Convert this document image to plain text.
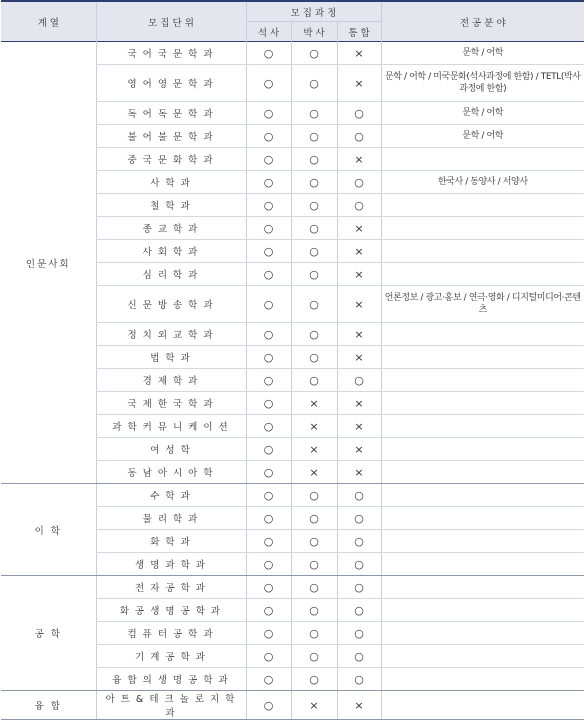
계 열	모 집 단 위	모 집 과 정			전 공 분 야
		석 사	박 사	통 합	
인문사회	국어국문학과	○	○	×	문학 / 어학
	영어영문학과	○	○	×	문학 / 어학 / 미국문화(석사과정에 한함) / TETL(박사과정에 한함)
	독어독문학과	○	○	○	문학 / 어학
	불어불문학과	○	○	○	문학 / 어학
	중국문화학과	○	○	×	
	사학과	○	○	○	한국사 / 동양사 / 서양사
	철학과	○	○	○	
	종교학과	○	○	×	
	사회학과	○	○	×	
	심리학과	○	○	×	
	신문방송학과	○	○	×	언론정보 / 광고·홍보 / 연극·영화 / 디지털미디어·콘텐츠
	정치외교학과	○	○	×	
	법학과	○	○	×	
	경제학과	○	○	○	
	국제한국학과	○	×	×	
	과학커뮤니케이션	○	×	×	
	여성학	○	×	×	
	동남아시아학	○	×	×	
이 학	수학과	○	○	○	
	물리학과	○	○	○	
	화학과	○	○	○	
	생명과학과	○	○	○	
공 학	전자공학과	○	○	○	
	화공생명공학과	○	○	○	
	컴퓨터공학과	○	○	○	
	기계공학과	○	○	○	
	융합의생명공학과	○	○	○	
융 합	아트&테크놀로지학과	○	×	×	
